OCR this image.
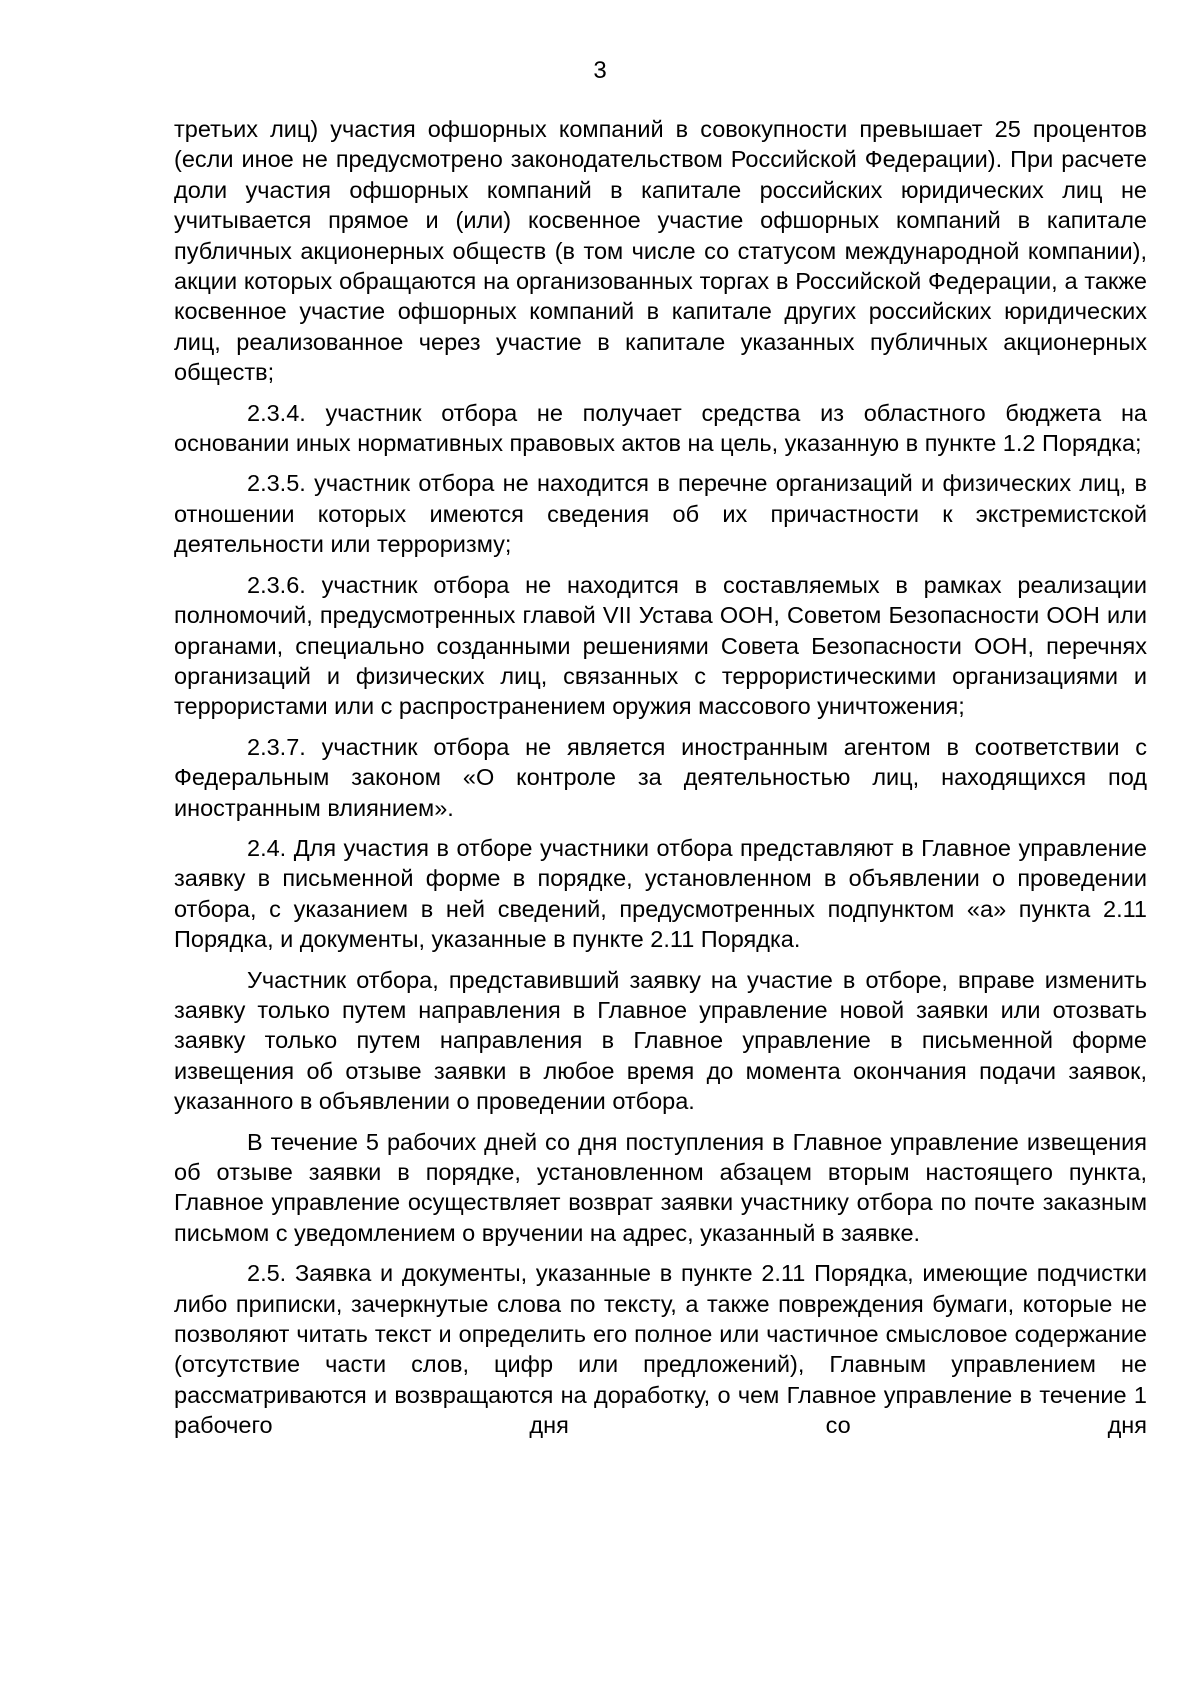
3

третьих лиц) участия офшорных компаний в совокупности превышает 25 процентов (если иное не предусмотрено законодательством Российской Федерации). При расчете доли участия офшорных компаний в капитале российских юридических лиц не учитывается прямое и (или) косвенное участие офшорных компаний в капитале публичных акционерных обществ (в том числе со статусом международной компании), акции которых обращаются на организованных торгах в Российской Федерации, а также косвенное участие офшорных компаний в капитале других российских юридических лиц, реализованное через участие в капитале указанных публичных акционерных обществ;

2.3.4. участник отбора не получает средства из областного бюджета на основании иных нормативных правовых актов на цель, указанную в пункте 1.2 Порядка;

2.3.5. участник отбора не находится в перечне организаций и физических лиц, в отношении которых имеются сведения об их причастности к экстремистской деятельности или терроризму;

2.3.6. участник отбора не находится в составляемых в рамках реализации полномочий, предусмотренных главой VII Устава ООН, Советом Безопасности ООН или органами, специально созданными решениями Совета Безопасности ООН, перечнях организаций и физических лиц, связанных с террористическими организациями и террористами или с распространением оружия массового уничтожения;

2.3.7. участник отбора не является иностранным агентом в соответствии с Федеральным законом «О контроле за деятельностью лиц, находящихся под иностранным влиянием».

2.4. Для участия в отборе участники отбора представляют в Главное управление заявку в письменной форме в порядке, установленном в объявлении о проведении отбора, с указанием в ней сведений, предусмотренных подпунктом «а» пункта 2.11 Порядка, и документы, указанные в пункте 2.11 Порядка.

Участник отбора, представивший заявку на участие в отборе, вправе изменить заявку только путем направления в Главное управление новой заявки или отозвать заявку только путем направления в Главное управление в письменной форме извещения об отзыве заявки в любое время до момента окончания подачи заявок, указанного в объявлении о проведении отбора.

В течение 5 рабочих дней со дня поступления в Главное управление извещения об отзыве заявки в порядке, установленном абзацем вторым настоящего пункта, Главное управление осуществляет возврат заявки участнику отбора по почте заказным письмом с уведомлением о вручении на адрес, указанный в заявке.

2.5. Заявка и документы, указанные в пункте 2.11 Порядка, имеющие подчистки либо приписки, зачеркнутые слова по тексту, а также повреждения бумаги, которые не позволяют читать текст и определить его полное или частичное смысловое содержание (отсутствие части слов, цифр или предложений), Главным управлением не рассматриваются и возвращаются на доработку, о чем Главное управление в течение 1 рабочего дня со дня
